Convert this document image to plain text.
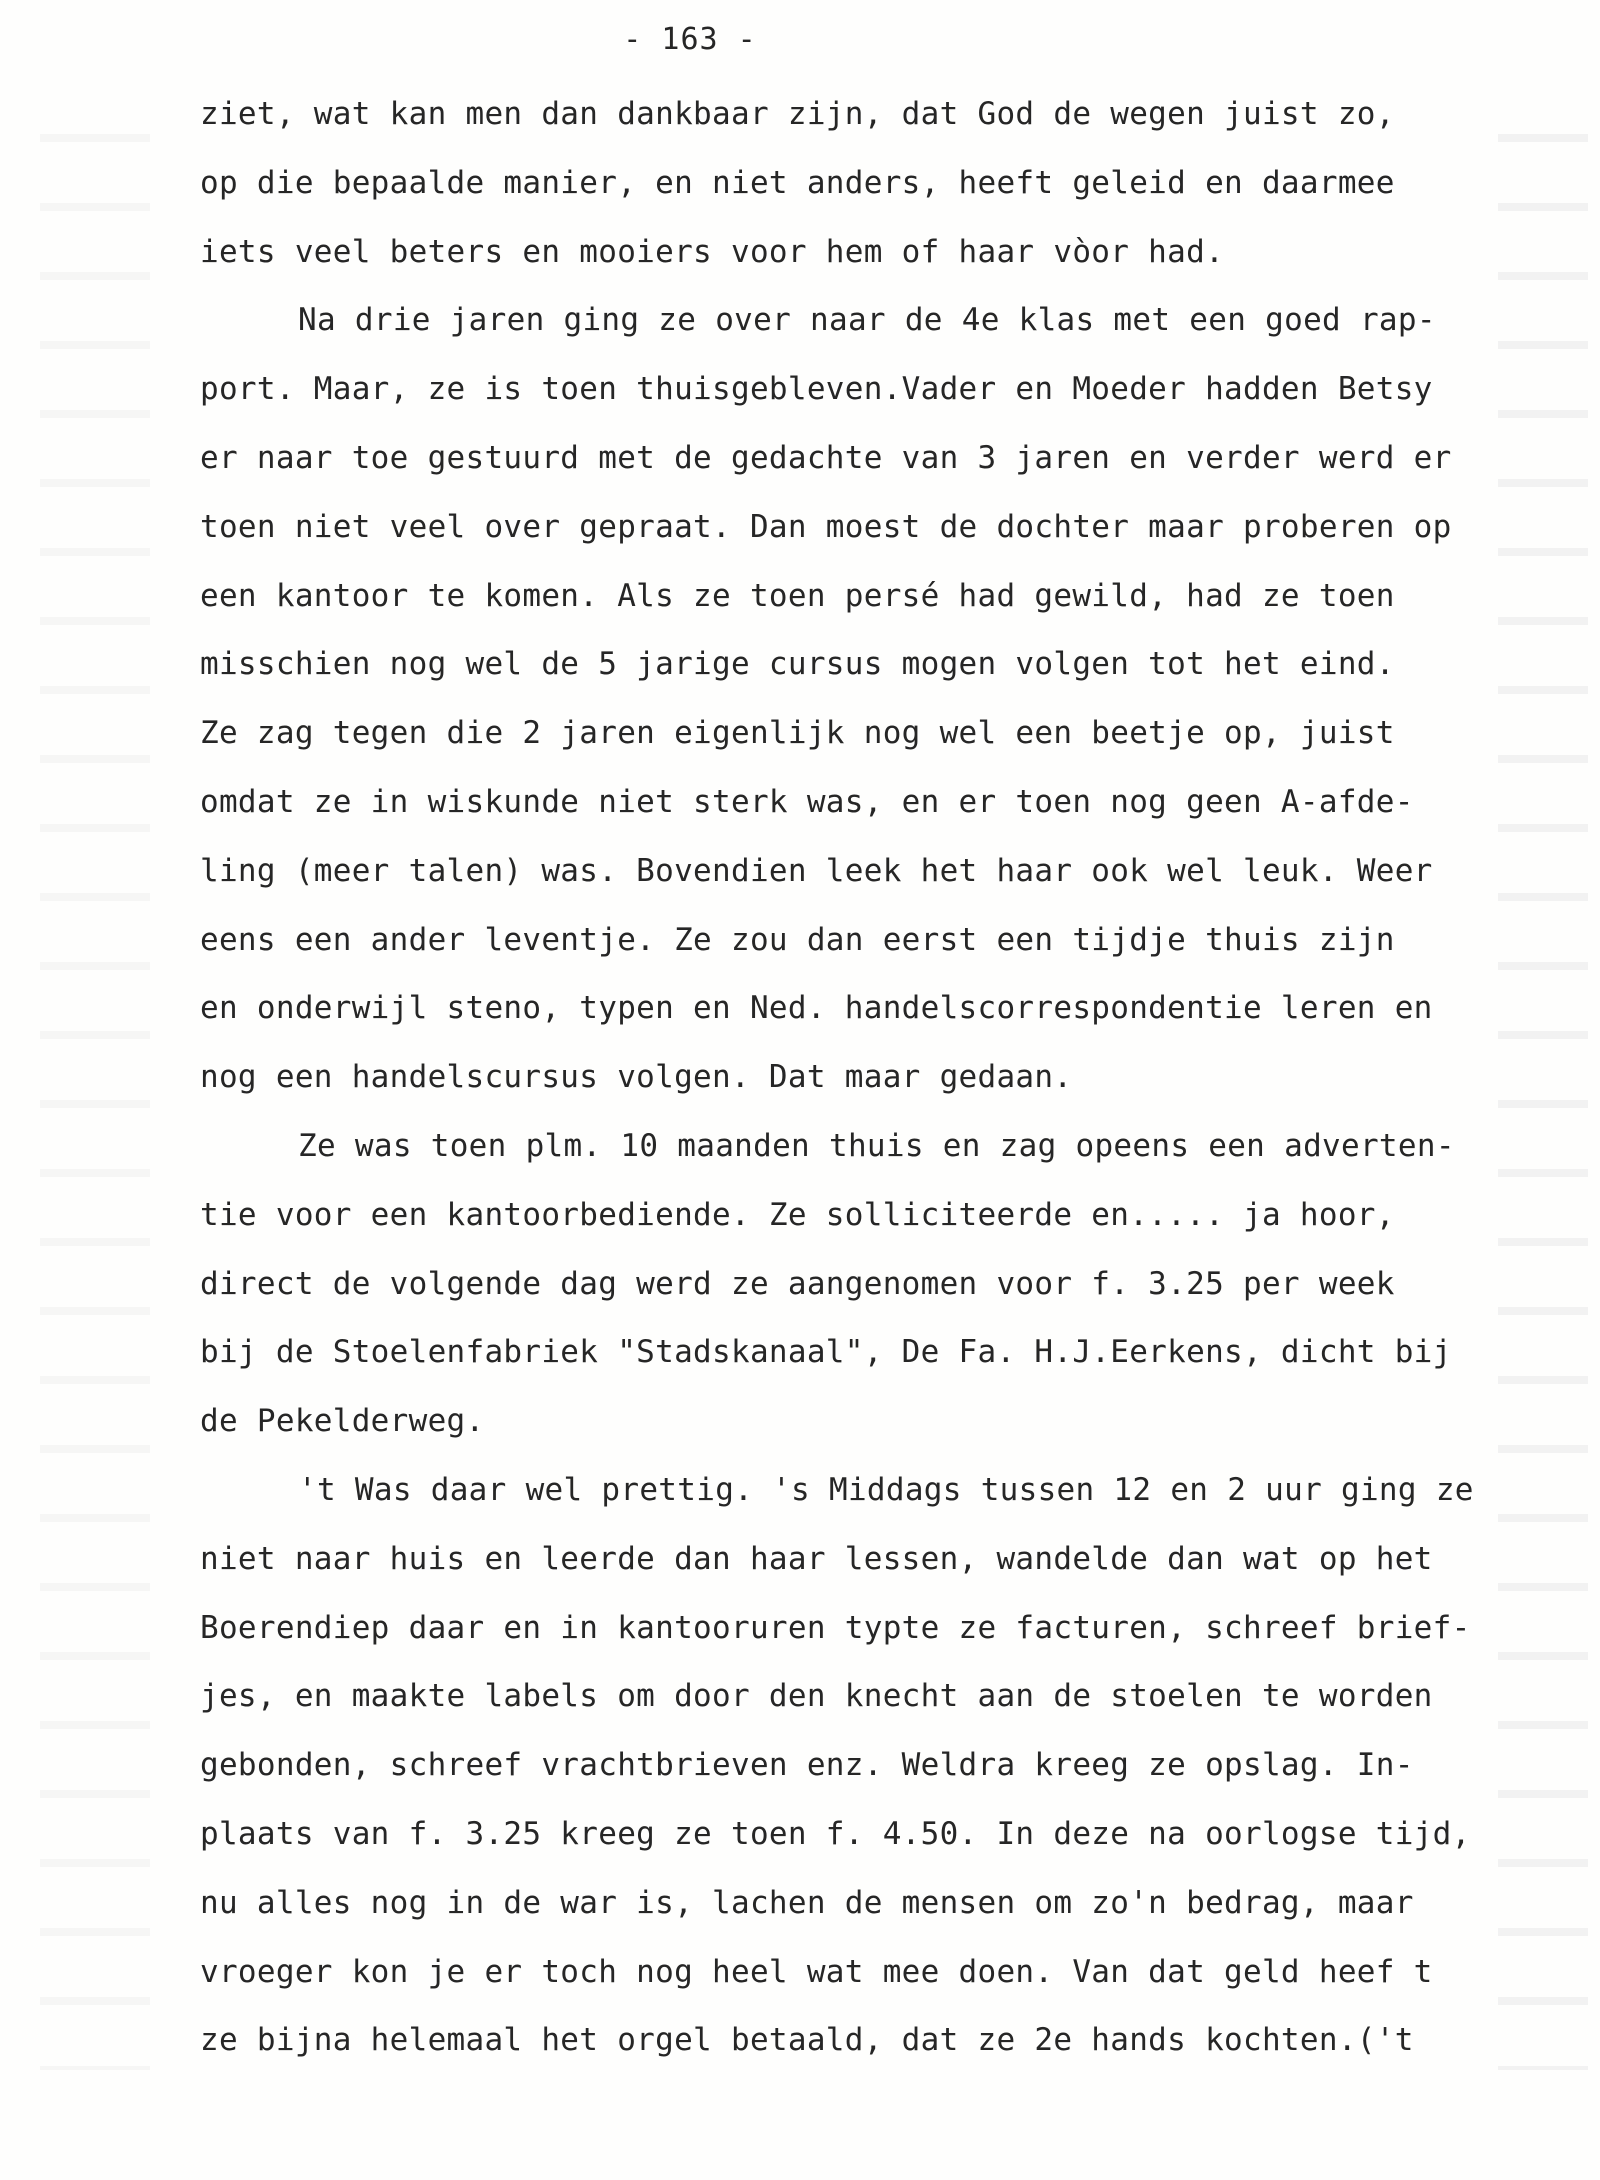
- 163 -

ziet, wat kan men dan dankbaar zijn, dat God de wegen juist zo,

op die bepaalde manier, en niet anders, heeft geleid en daarmee

iets veel beters en mooiers voor hem of haar vòor had.

Na drie jaren ging ze over naar de 4e klas met een goed rap-

port. Maar, ze is toen thuisgebleven.Vader en Moeder hadden Betsy

er naar toe gestuurd met de gedachte van 3 jaren en verder werd er

toen niet veel over gepraat. Dan moest de dochter maar proberen op

een kantoor te komen. Als ze toen persé had gewild, had ze toen

misschien nog wel de 5 jarige cursus mogen volgen tot het eind.

Ze zag tegen die 2 jaren eigenlijk nog wel een beetje op, juist

omdat ze in wiskunde niet sterk was, en er toen nog geen A-afde-

ling (meer talen) was. Bovendien leek het haar ook wel leuk. Weer

eens een ander leventje. Ze zou dan eerst een tijdje thuis zijn

en onderwijl steno, typen en Ned. handelscorrespondentie leren en

nog een handelscursus volgen. Dat maar gedaan.

Ze was toen plm. 10 maanden thuis en zag opeens een adverten-

tie voor een kantoorbediende. Ze solliciteerde en..... ja hoor,

direct de volgende dag werd ze aangenomen voor f. 3.25 per week

bij de Stoelenfabriek "Stadskanaal", De Fa. H.J.Eerkens, dicht bij

de Pekelderweg.

't Was daar wel prettig. 's Middags tussen 12 en 2 uur ging ze

niet naar huis en leerde dan haar lessen, wandelde dan wat op het

Boerendiep daar en in kantooruren typte ze facturen, schreef brief-

jes, en maakte labels om door den knecht aan de stoelen te worden

gebonden, schreef vrachtbrieven enz. Weldra kreeg ze opslag. In-

plaats van f. 3.25 kreeg ze toen f. 4.50. In deze na oorlogse tijd,

nu alles nog in de war is, lachen de mensen om zo'n bedrag, maar

vroeger kon je er toch nog heel wat mee doen. Van dat geld heef t

ze bijna helemaal het orgel betaald, dat ze 2e hands kochten.('t
